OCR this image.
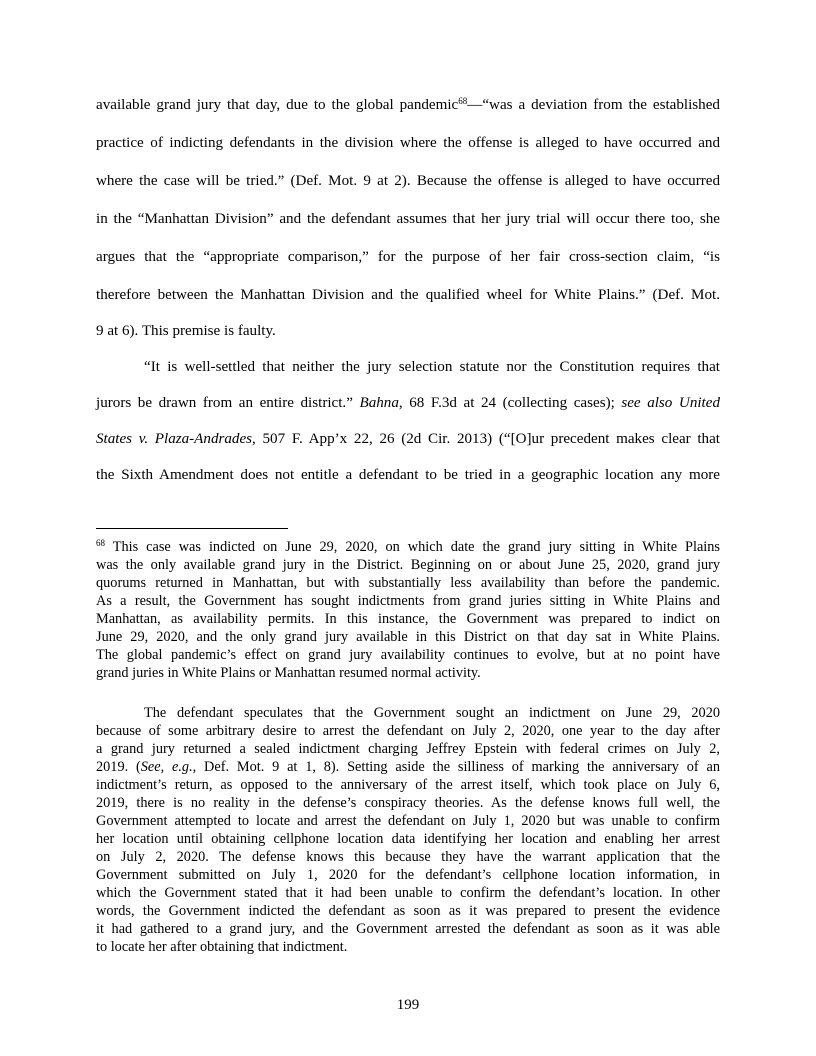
available grand jury that day, due to the global pandemic$^{68}$—“was a deviation from the established

practice of indicting defendants in the division where the offense is alleged to have occurred and

where the case will be tried.” (Def. Mot. 9 at 2). Because the offense is alleged to have occurred

in the “Manhattan Division” and the defendant assumes that her jury trial will occur there too, she

argues that the “appropriate comparison,” for the purpose of her fair cross-section claim, “is

therefore between the Manhattan Division and the qualified wheel for White Plains.” (Def. Mot.

9 at 6). This premise is faulty.

“It is well-settled that neither the jury selection statute nor the Constitution requires that

jurors be drawn from an entire district.” Bahna, 68 F.3d at 24 (collecting cases); see also United

States v. Plaza-Andrades, 507 F. App’x 22, 26 (2d Cir. 2013) (“[O]ur precedent makes clear that

the Sixth Amendment does not entitle a defendant to be tried in a geographic location any more

$^{68}$ This case was indicted on June 29, 2020, on which date the grand jury sitting in White Plains

was the only available grand jury in the District. Beginning on or about June 25, 2020, grand jury

quorums returned in Manhattan, but with substantially less availability than before the pandemic.

As a result, the Government has sought indictments from grand juries sitting in White Plains and

Manhattan, as availability permits. In this instance, the Government was prepared to indict on

June 29, 2020, and the only grand jury available in this District on that day sat in White Plains.

The global pandemic’s effect on grand jury availability continues to evolve, but at no point have

grand juries in White Plains or Manhattan resumed normal activity.

The defendant speculates that the Government sought an indictment on June 29, 2020

because of some arbitrary desire to arrest the defendant on July 2, 2020, one year to the day after

a grand jury returned a sealed indictment charging Jeffrey Epstein with federal crimes on July 2,

2019. (See, e.g., Def. Mot. 9 at 1, 8). Setting aside the silliness of marking the anniversary of an

indictment’s return, as opposed to the anniversary of the arrest itself, which took place on July 6,

2019, there is no reality in the defense’s conspiracy theories. As the defense knows full well, the

Government attempted to locate and arrest the defendant on July 1, 2020 but was unable to confirm

her location until obtaining cellphone location data identifying her location and enabling her arrest

on July 2, 2020. The defense knows this because they have the warrant application that the

Government submitted on July 1, 2020 for the defendant’s cellphone location information, in

which the Government stated that it had been unable to confirm the defendant’s location. In other

words, the Government indicted the defendant as soon as it was prepared to present the evidence

it had gathered to a grand jury, and the Government arrested the defendant as soon as it was able

to locate her after obtaining that indictment.

199
